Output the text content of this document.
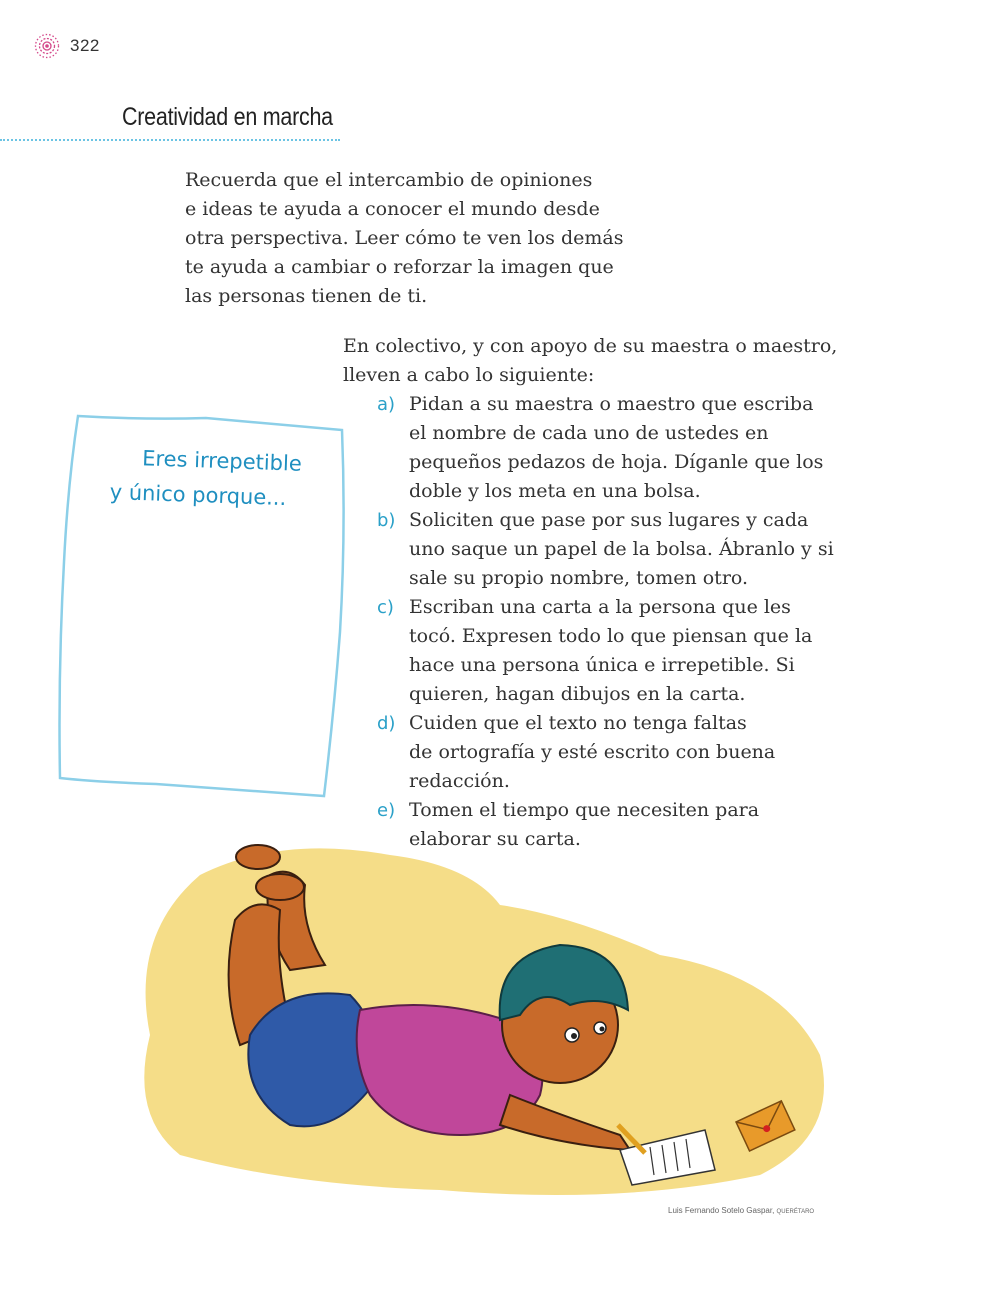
322
Creatividad en marcha
Recuerda que el intercambio de opiniones
e ideas te ayuda a conocer el mundo desde
otra perspectiva. Leer cómo te ven los demás
te ayuda a cambiar o reforzar la imagen que
las personas tienen de ti.
En colectivo, y con apoyo de su maestra o maestro,
lleven a cabo lo siguiente:
a) Pidan a su maestra o maestro que escriba
el nombre de cada uno de ustedes en
pequeños pedazos de hoja. Díganle que los
doble y los meta en una bolsa.
b) Soliciten que pase por sus lugares y cada
uno saque un papel de la bolsa. Ábranlo y si
sale su propio nombre, tomen otro.
c) Escriban una carta a la persona que les
tocó. Expresen todo lo que piensan que la
hace una persona única e irrepetible. Si
quieren, hagan dibujos en la carta.
d) Cuiden que el texto no tenga faltas
de ortografía y esté escrito con buena
redacción.
e) Tomen el tiempo que necesiten para
elaborar su carta.
Eres irrepetible
y único porque...
Luis Fernando Sotelo Gaspar, QUERÉTARO
